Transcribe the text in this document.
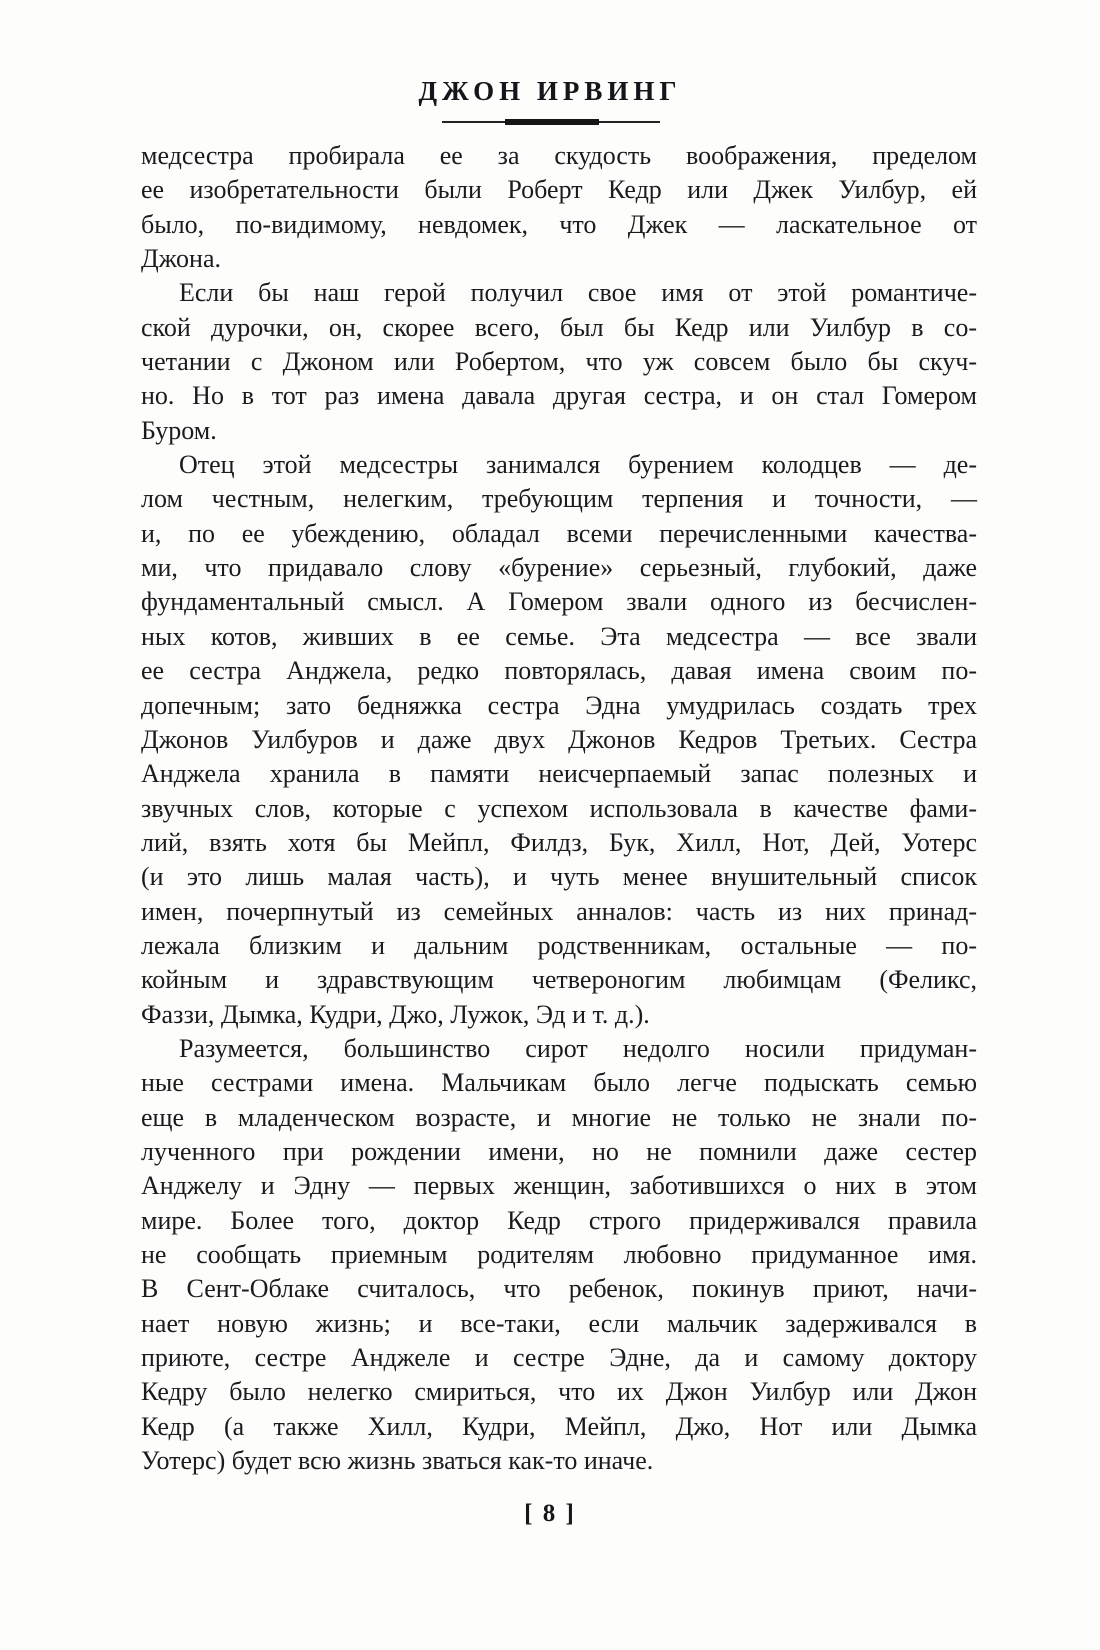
ДЖОН ИРВИНГ
медсестра пробирала ее за скудость воображения, пределом
ее изобретательности были Роберт Кедр или Джек Уилбур, ей
было, по-видимому, невдомек, что Джек — ласкательное от
Джона.
Если бы наш герой получил свое имя от этой романтиче-
ской дурочки, он, скорее всего, был бы Кедр или Уилбур в со-
четании с Джоном или Робертом, что уж совсем было бы скуч-
но. Но в тот раз имена давала другая сестра, и он стал Гомером
Буром.
Отец этой медсестры занимался бурением колодцев — де-
лом честным, нелегким, требующим терпения и точности, —
и, по ее убеждению, обладал всеми перечисленными качества-
ми, что придавало слову «бурение» серьезный, глубокий, даже
фундаментальный смысл. А Гомером звали одного из бесчислен-
ных котов, живших в ее семье. Эта медсестра — все звали
ее сестра Анджела, редко повторялась, давая имена своим по-
допечным; зато бедняжка сестра Эдна умудрилась создать трех
Джонов Уилбуров и даже двух Джонов Кедров Третьих. Сестра
Анджела хранила в памяти неисчерпаемый запас полезных и
звучных слов, которые с успехом использовала в качестве фами-
лий, взять хотя бы Мейпл, Филдз, Бук, Хилл, Нот, Дей, Уотерс
(и это лишь малая часть), и чуть менее внушительный список
имен, почерпнутый из семейных анналов: часть из них принад-
лежала близким и дальним родственникам, остальные — по-
койным и здравствующим четвероногим любимцам (Феликс,
Фаззи, Дымка, Кудри, Джо, Лужок, Эд и т. д.).
Разумеется, большинство сирот недолго носили придуман-
ные сестрами имена. Мальчикам было легче подыскать семью
еще в младенческом возрасте, и многие не только не знали по-
лученного при рождении имени, но не помнили даже сестер
Анджелу и Эдну — первых женщин, заботившихся о них в этом
мире. Более того, доктор Кедр строго придерживался правила
не сообщать приемным родителям любовно придуманное имя.
В Сент-Облаке считалось, что ребенок, покинув приют, начи-
нает новую жизнь; и все-таки, если мальчик задерживался в
приюте, сестре Анджеле и сестре Эдне, да и самому доктору
Кедру было нелегко смириться, что их Джон Уилбур или Джон
Кедр (а также Хилл, Кудри, Мейпл, Джо, Нот или Дымка
Уотерс) будет всю жизнь зваться как-то иначе.
[ 8 ]
